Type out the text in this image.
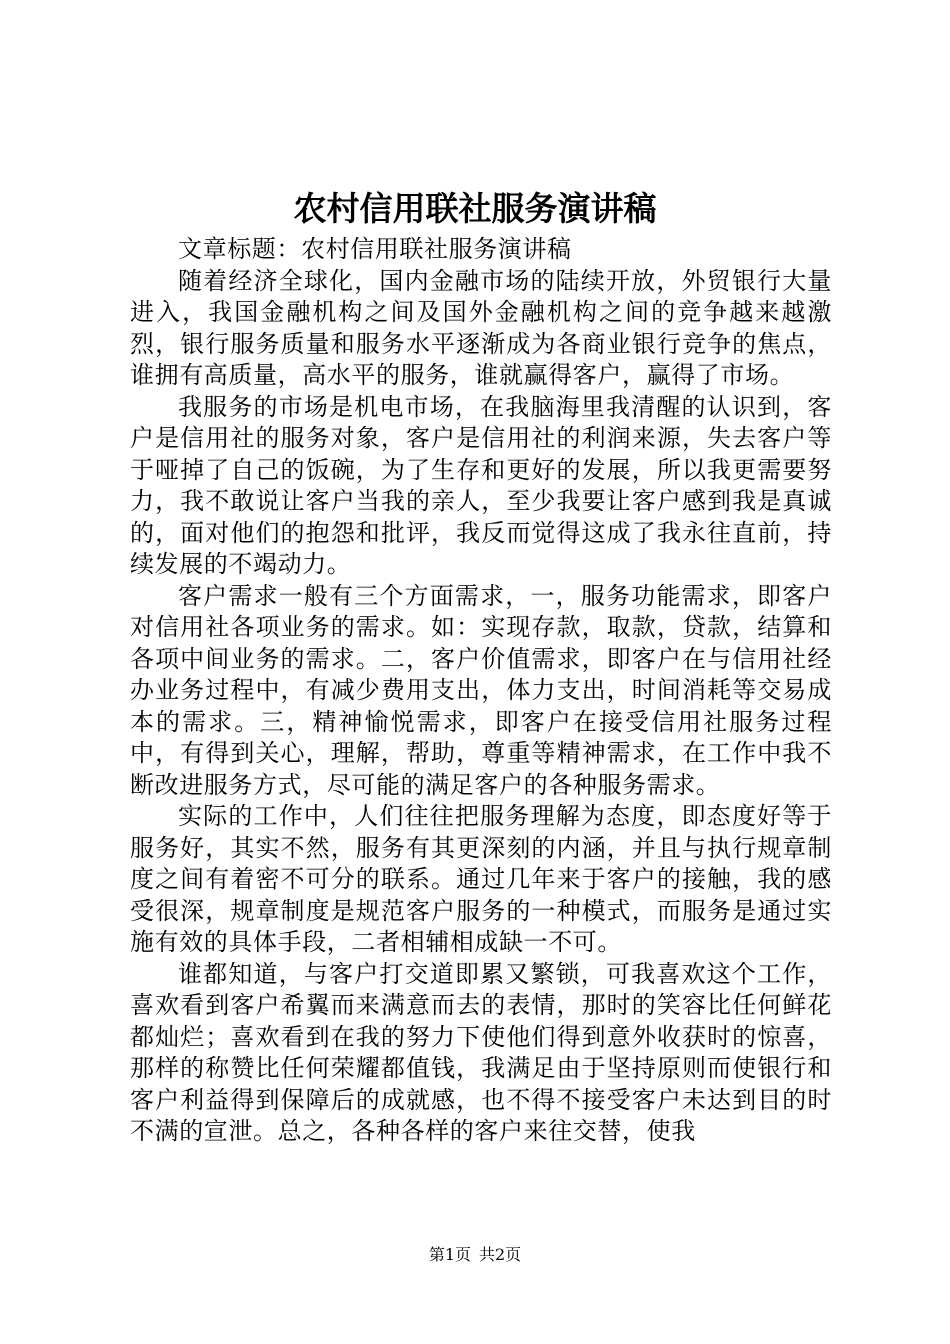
农村信用联社服务演讲稿

文章标题：农村信用联社服务演讲稿

随着经济全球化，国内金融市场的陆续开放，外贸银行大量进入，我国金融机构之间及国外金融机构之间的竞争越来越激烈，银行服务质量和服务水平逐渐成为各商业银行竞争的焦点，谁拥有高质量，高水平的服务，谁就赢得客户，赢得了市场。

我服务的市场是机电市场，在我脑海里我清醒的认识到，客户是信用社的服务对象，客户是信用社的利润来源，失去客户等于哑掉了自己的饭碗，为了生存和更好的发展，所以我更需要努力，我不敢说让客户当我的亲人，至少我要让客户感到我是真诚的，面对他们的抱怨和批评，我反而觉得这成了我永往直前，持续发展的不竭动力。

客户需求一般有三个方面需求，一，服务功能需求，即客户对信用社各项业务的需求。如：实现存款，取款，贷款，结算和各项中间业务的需求。二，客户价值需求，即客户在与信用社经办业务过程中，有减少费用支出，体力支出，时间消耗等交易成本的需求。三，精神愉悦需求，即客户在接受信用社服务过程中，有得到关心，理解，帮助，尊重等精神需求，在工作中我不断改进服务方式，尽可能的满足客户的各种服务需求。

实际的工作中，人们往往把服务理解为态度，即态度好等于服务好，其实不然，服务有其更深刻的内涵，并且与执行规章制度之间有着密不可分的联系。通过几年来于客户的接触，我的感受很深，规章制度是规范客户服务的一种模式，而服务是通过实施有效的具体手段，二者相辅相成缺一不可。

谁都知道，与客户打交道即累又繁锁，可我喜欢这个工作，喜欢看到客户希翼而来满意而去的表情，那时的笑容比任何鲜花都灿烂；喜欢看到在我的努力下使他们得到意外收获时的惊喜，那样的称赞比任何荣耀都值钱，我满足由于坚持原则而使银行和客户利益得到保障后的成就感，也不得不接受客户未达到目的时不满的宣泄。总之，各种各样的客户来往交替，使我

第1页 共2页
